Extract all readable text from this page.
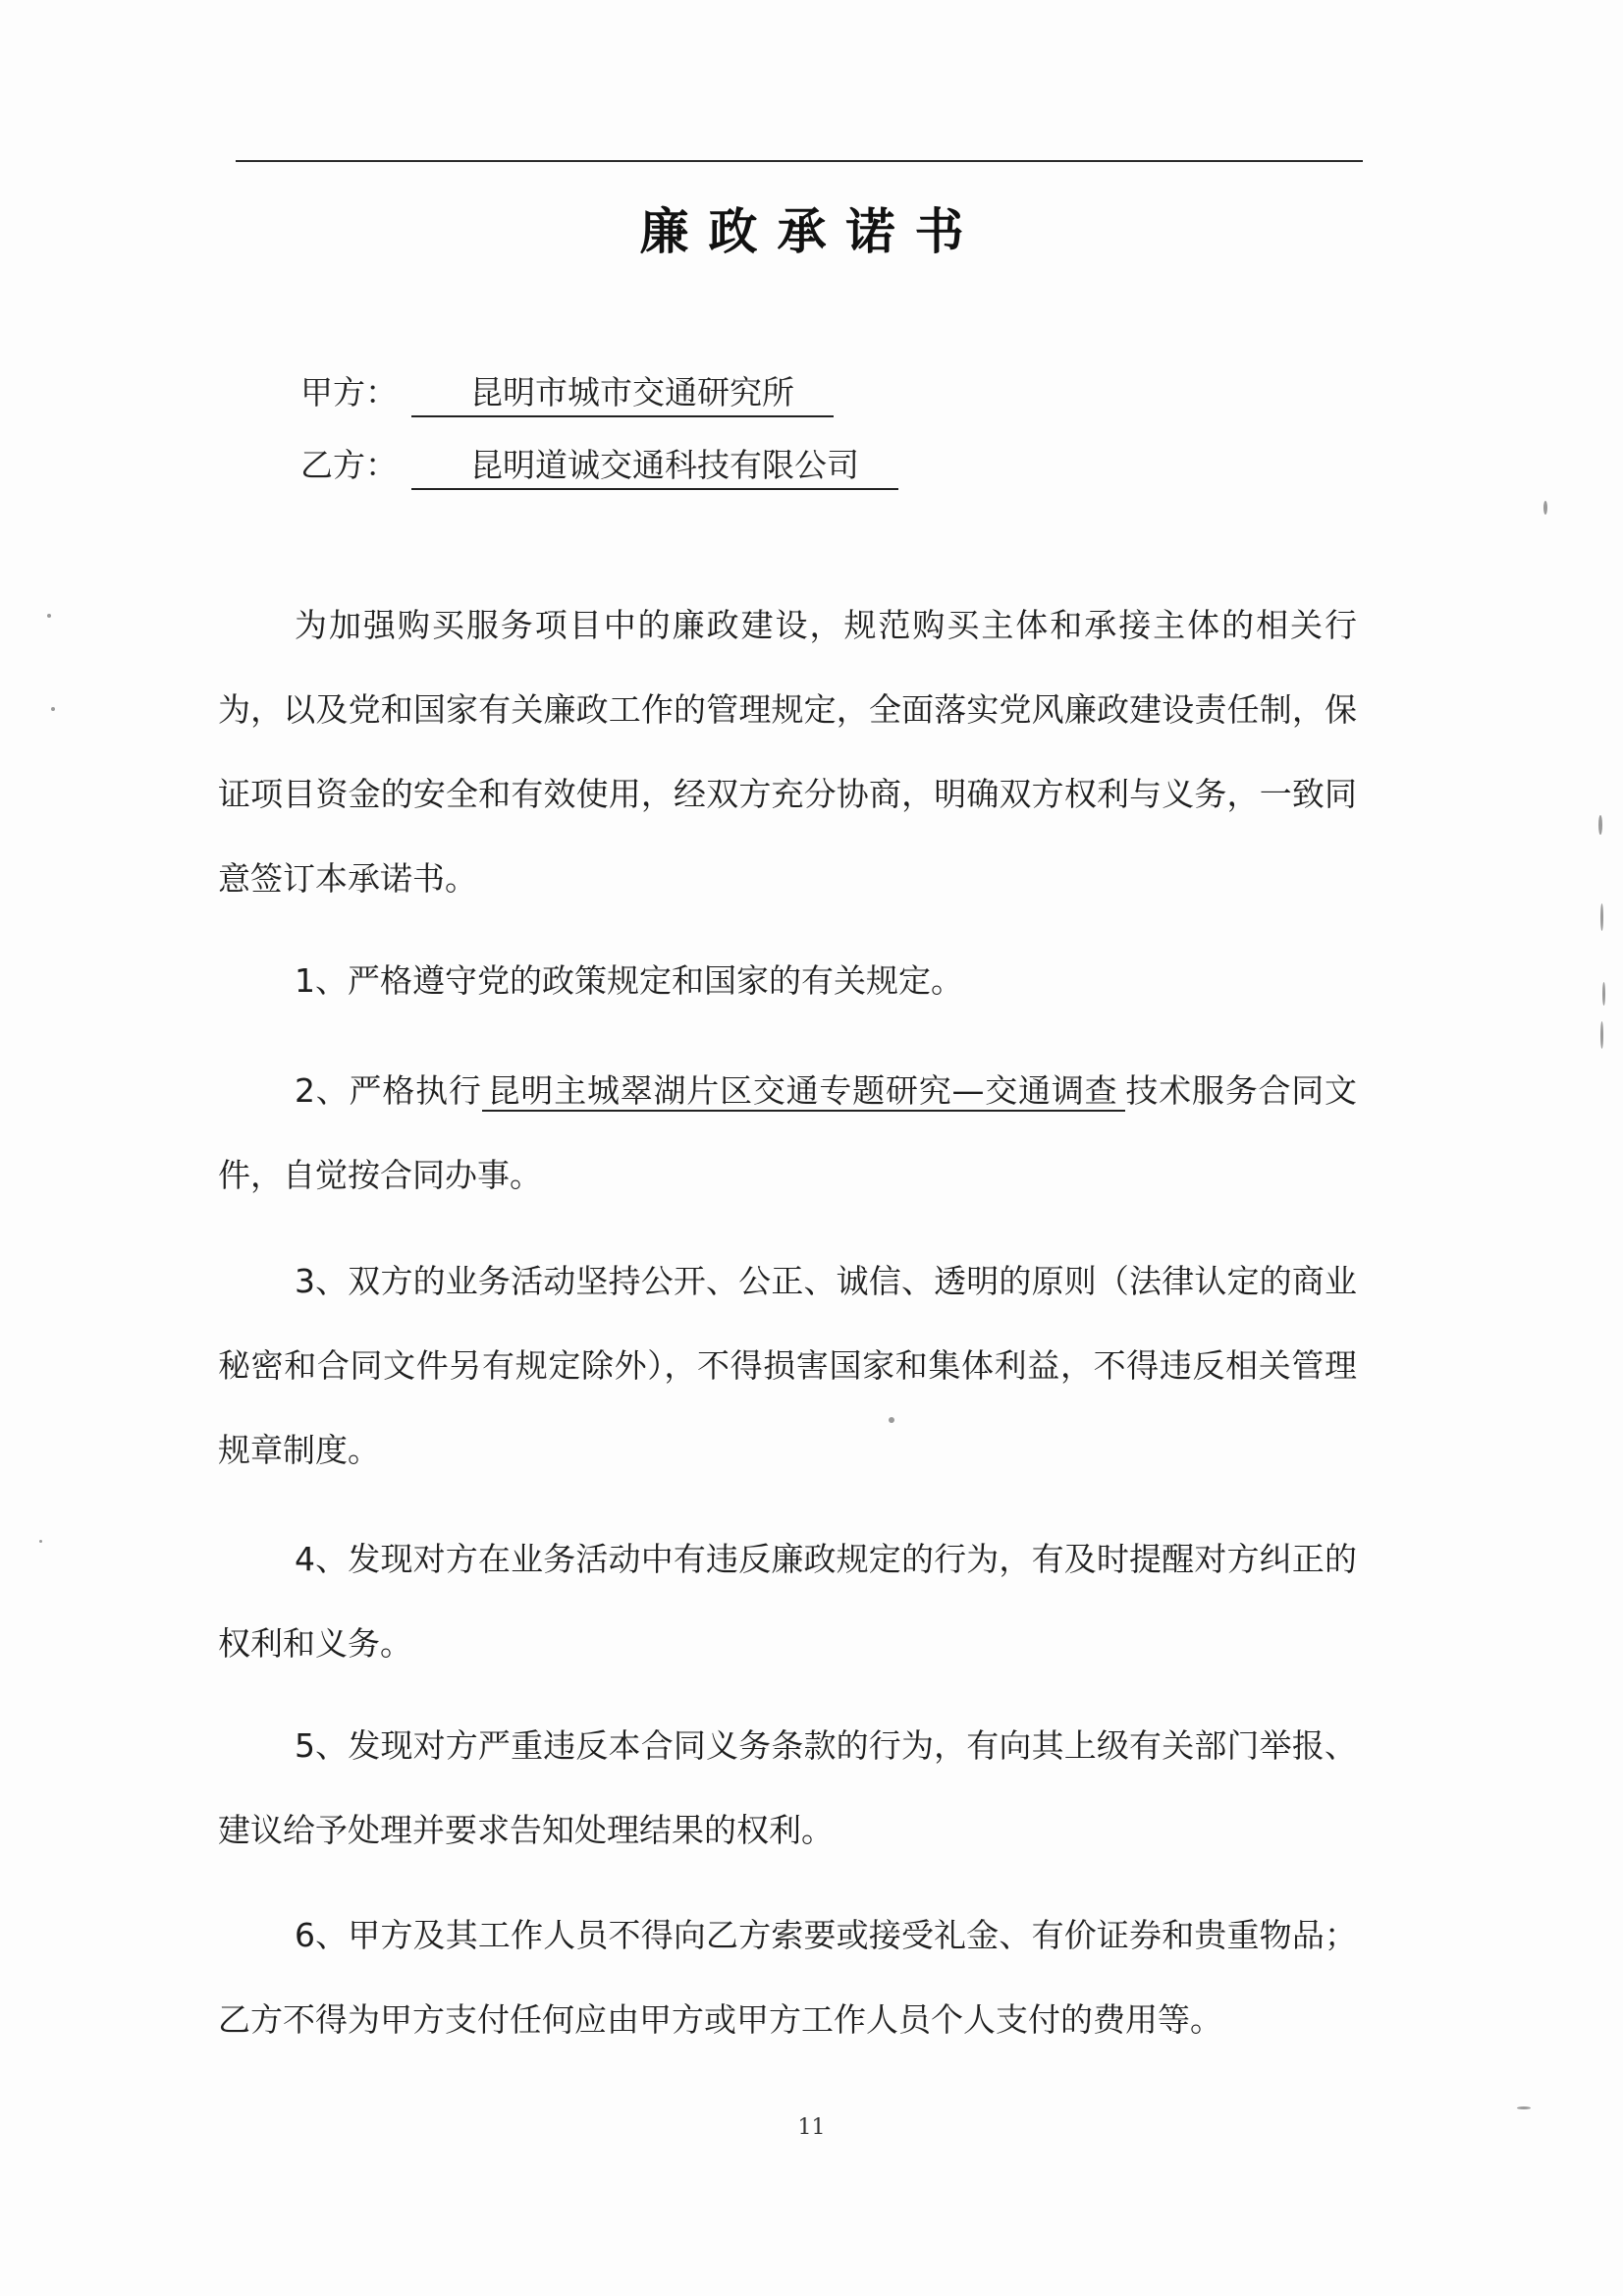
廉政承诺书
甲方： 昆明市城市交通研究所
乙方： 昆明道诚交通科技有限公司

为加强购买服务项目中的廉政建设，规范购买主体和承接主体的相关行为，以及党和国家有关廉政工作的管理规定，全面落实党风廉政建设责任制，保证项目资金的安全和有效使用，经双方充分协商，明确双方权利与义务，一致同意签订本承诺书。

1、严格遵守党的政策规定和国家的有关规定。

2、严格执行 昆明主城翠湖片区交通专题研究—交通调查 技术服务合同文件，自觉按合同办事。

3、双方的业务活动坚持公开、公正、诚信、透明的原则（法律认定的商业秘密和合同文件另有规定除外），不得损害国家和集体利益，不得违反相关管理规章制度。

4、发现对方在业务活动中有违反廉政规定的行为，有及时提醒对方纠正的权利和义务。

5、发现对方严重违反本合同义务条款的行为，有向其上级有关部门举报、建议给予处理并要求告知处理结果的权利。

6、甲方及其工作人员不得向乙方索要或接受礼金、有价证券和贵重物品；乙方不得为甲方支付任何应由甲方或甲方工作人员个人支付的费用等。

11
